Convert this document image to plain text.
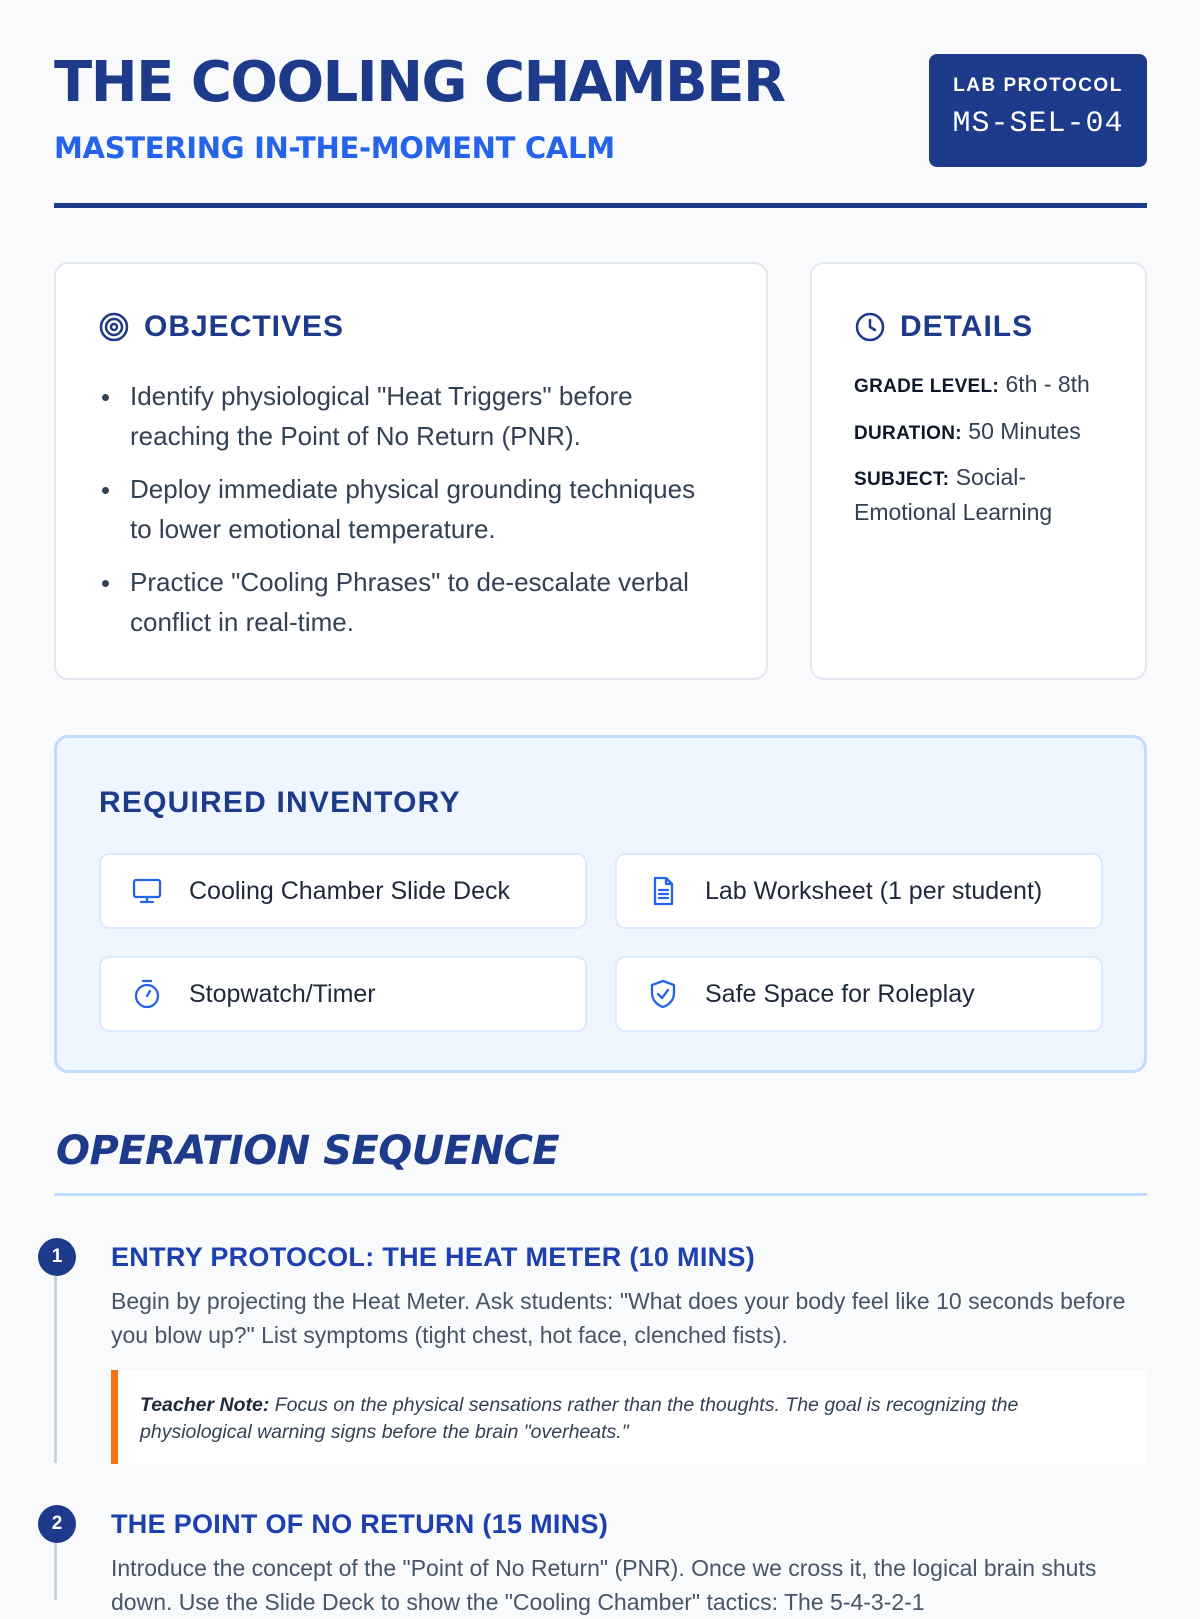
THE COOLING CHAMBER
MASTERING IN-THE-MOMENT CALM
LAB PROTOCOL
MS-SEL-04
OBJECTIVES
Identify physiological "Heat Triggers" before reaching the Point of No Return (PNR).
Deploy immediate physical grounding techniques to lower emotional temperature.
Practice "Cooling Phrases" to de-escalate verbal conflict in real-time.
DETAILS
GRADE LEVEL: 6th - 8th
DURATION: 50 Minutes
SUBJECT: Social-Emotional Learning
REQUIRED INVENTORY
Cooling Chamber Slide Deck	Lab Worksheet (1 per student)
Stopwatch/Timer	Safe Space for Roleplay
OPERATION SEQUENCE
1	ENTRY PROTOCOL: THE HEAT METER (10 MINS)
Begin by projecting the Heat Meter. Ask students: "What does your body feel like 10 seconds before you blow up?" List symptoms (tight chest, hot face, clenched fists).
Teacher Note: Focus on the physical sensations rather than the thoughts. The goal is recognizing the physiological warning signs before the brain "overheats."
2	THE POINT OF NO RETURN (15 MINS)
Introduce the concept of the "Point of No Return" (PNR). Once we cross it, the logical brain shuts down. Use the Slide Deck to show the "Cooling Chamber" tactics: The 5-4-3-2-1
